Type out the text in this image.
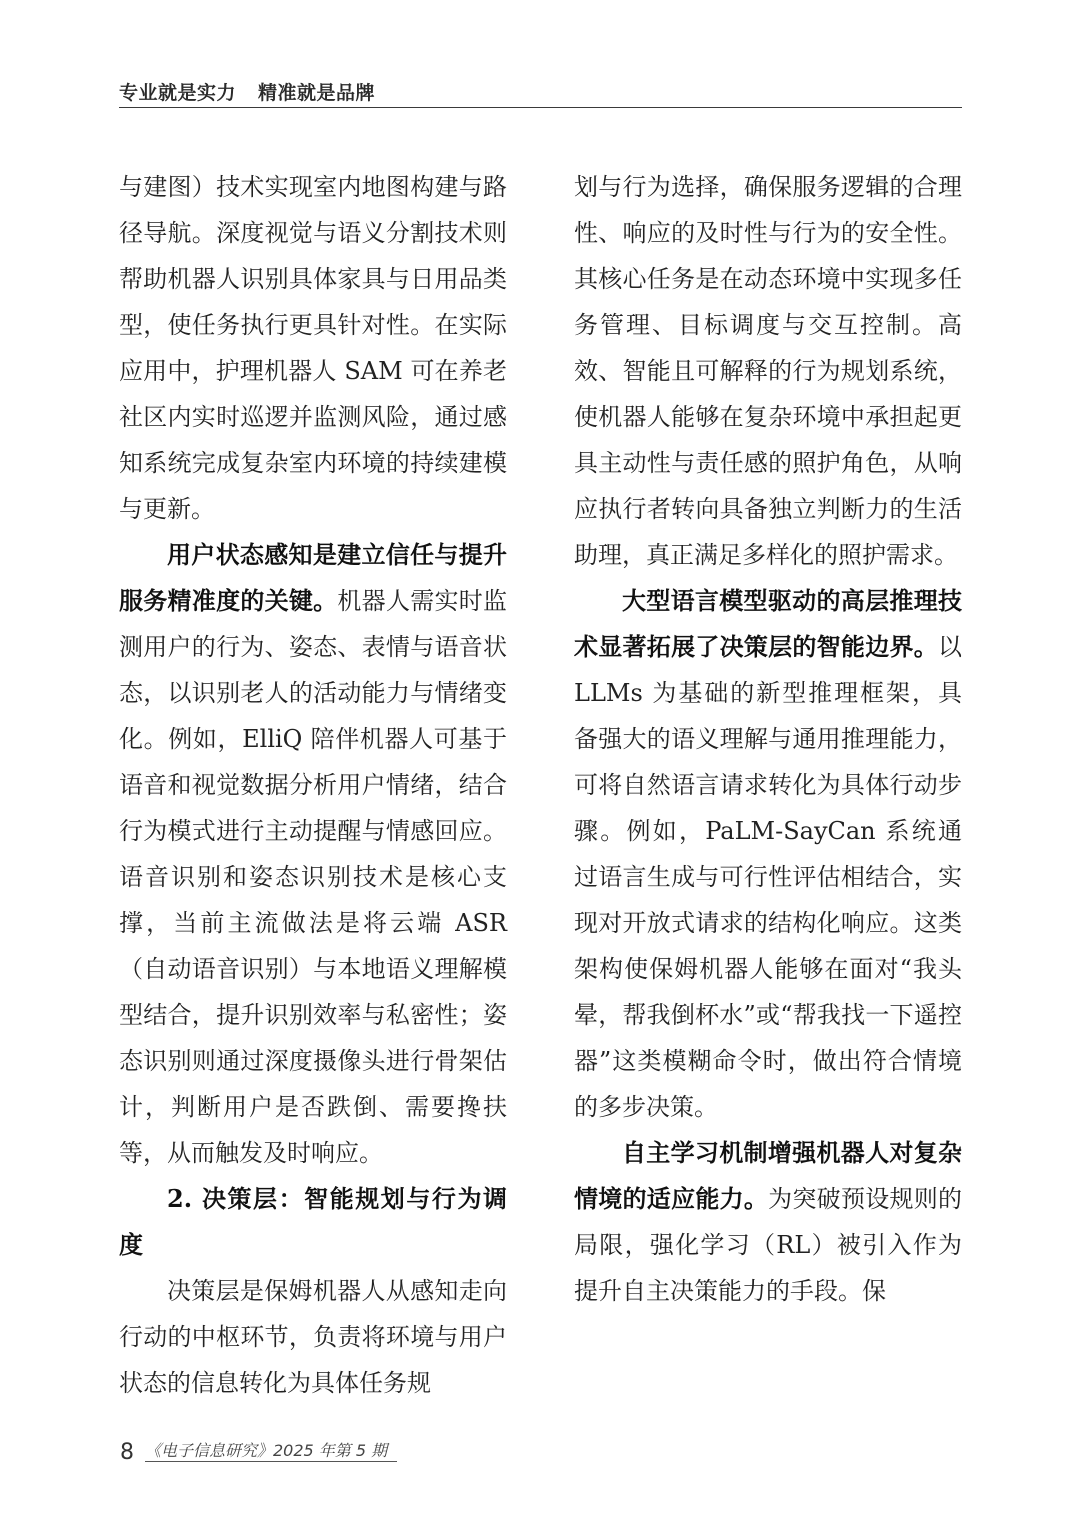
专业就是实力 精准就是品牌

与建图）技术实现室内地图构建与路径导航。深度视觉与语义分割技术则帮助机器人识别具体家具与日用品类型，使任务执行更具针对性。在实际应用中，护理机器人 SAM 可在养老社区内实时巡逻并监测风险，通过感知系统完成复杂室内环境的持续建模与更新。

用户状态感知是建立信任与提升服务精准度的关键。机器人需实时监测用户的行为、姿态、表情与语音状态，以识别老人的活动能力与情绪变化。例如，ElliQ 陪伴机器人可基于语音和视觉数据分析用户情绪，结合行为模式进行主动提醒与情感回应。语音识别和姿态识别技术是核心支撑，当前主流做法是将云端 ASR（自动语音识别）与本地语义理解模型结合，提升识别效率与私密性；姿态识别则通过深度摄像头进行骨架估计，判断用户是否跌倒、需要搀扶等，从而触发及时响应。

2. 决策层：智能规划与行为调度

决策层是保姆机器人从感知走向行动的中枢环节，负责将环境与用户状态的信息转化为具体任务规

划与行为选择，确保服务逻辑的合理性、响应的及时性与行为的安全性。其核心任务是在动态环境中实现多任务管理、目标调度与交互控制。高效、智能且可解释的行为规划系统，使机器人能够在复杂环境中承担起更具主动性与责任感的照护角色，从响应执行者转向具备独立判断力的生活助理，真正满足多样化的照护需求。

大型语言模型驱动的高层推理技术显著拓展了决策层的智能边界。以 LLMs 为基础的新型推理框架，具备强大的语义理解与通用推理能力，可将自然语言请求转化为具体行动步骤。例如，PaLM-SayCan 系统通过语言生成与可行性评估相结合，实现对开放式请求的结构化响应。这类架构使保姆机器人能够在面对“我头晕，帮我倒杯水”或“帮我找一下遥控器”这类模糊命令时，做出符合情境的多步决策。

自主学习机制增强机器人对复杂情境的适应能力。为突破预设规则的局限，强化学习（RL）被引入作为提升自主决策能力的手段。保

8 《电子信息研究》2025 年第 5 期
